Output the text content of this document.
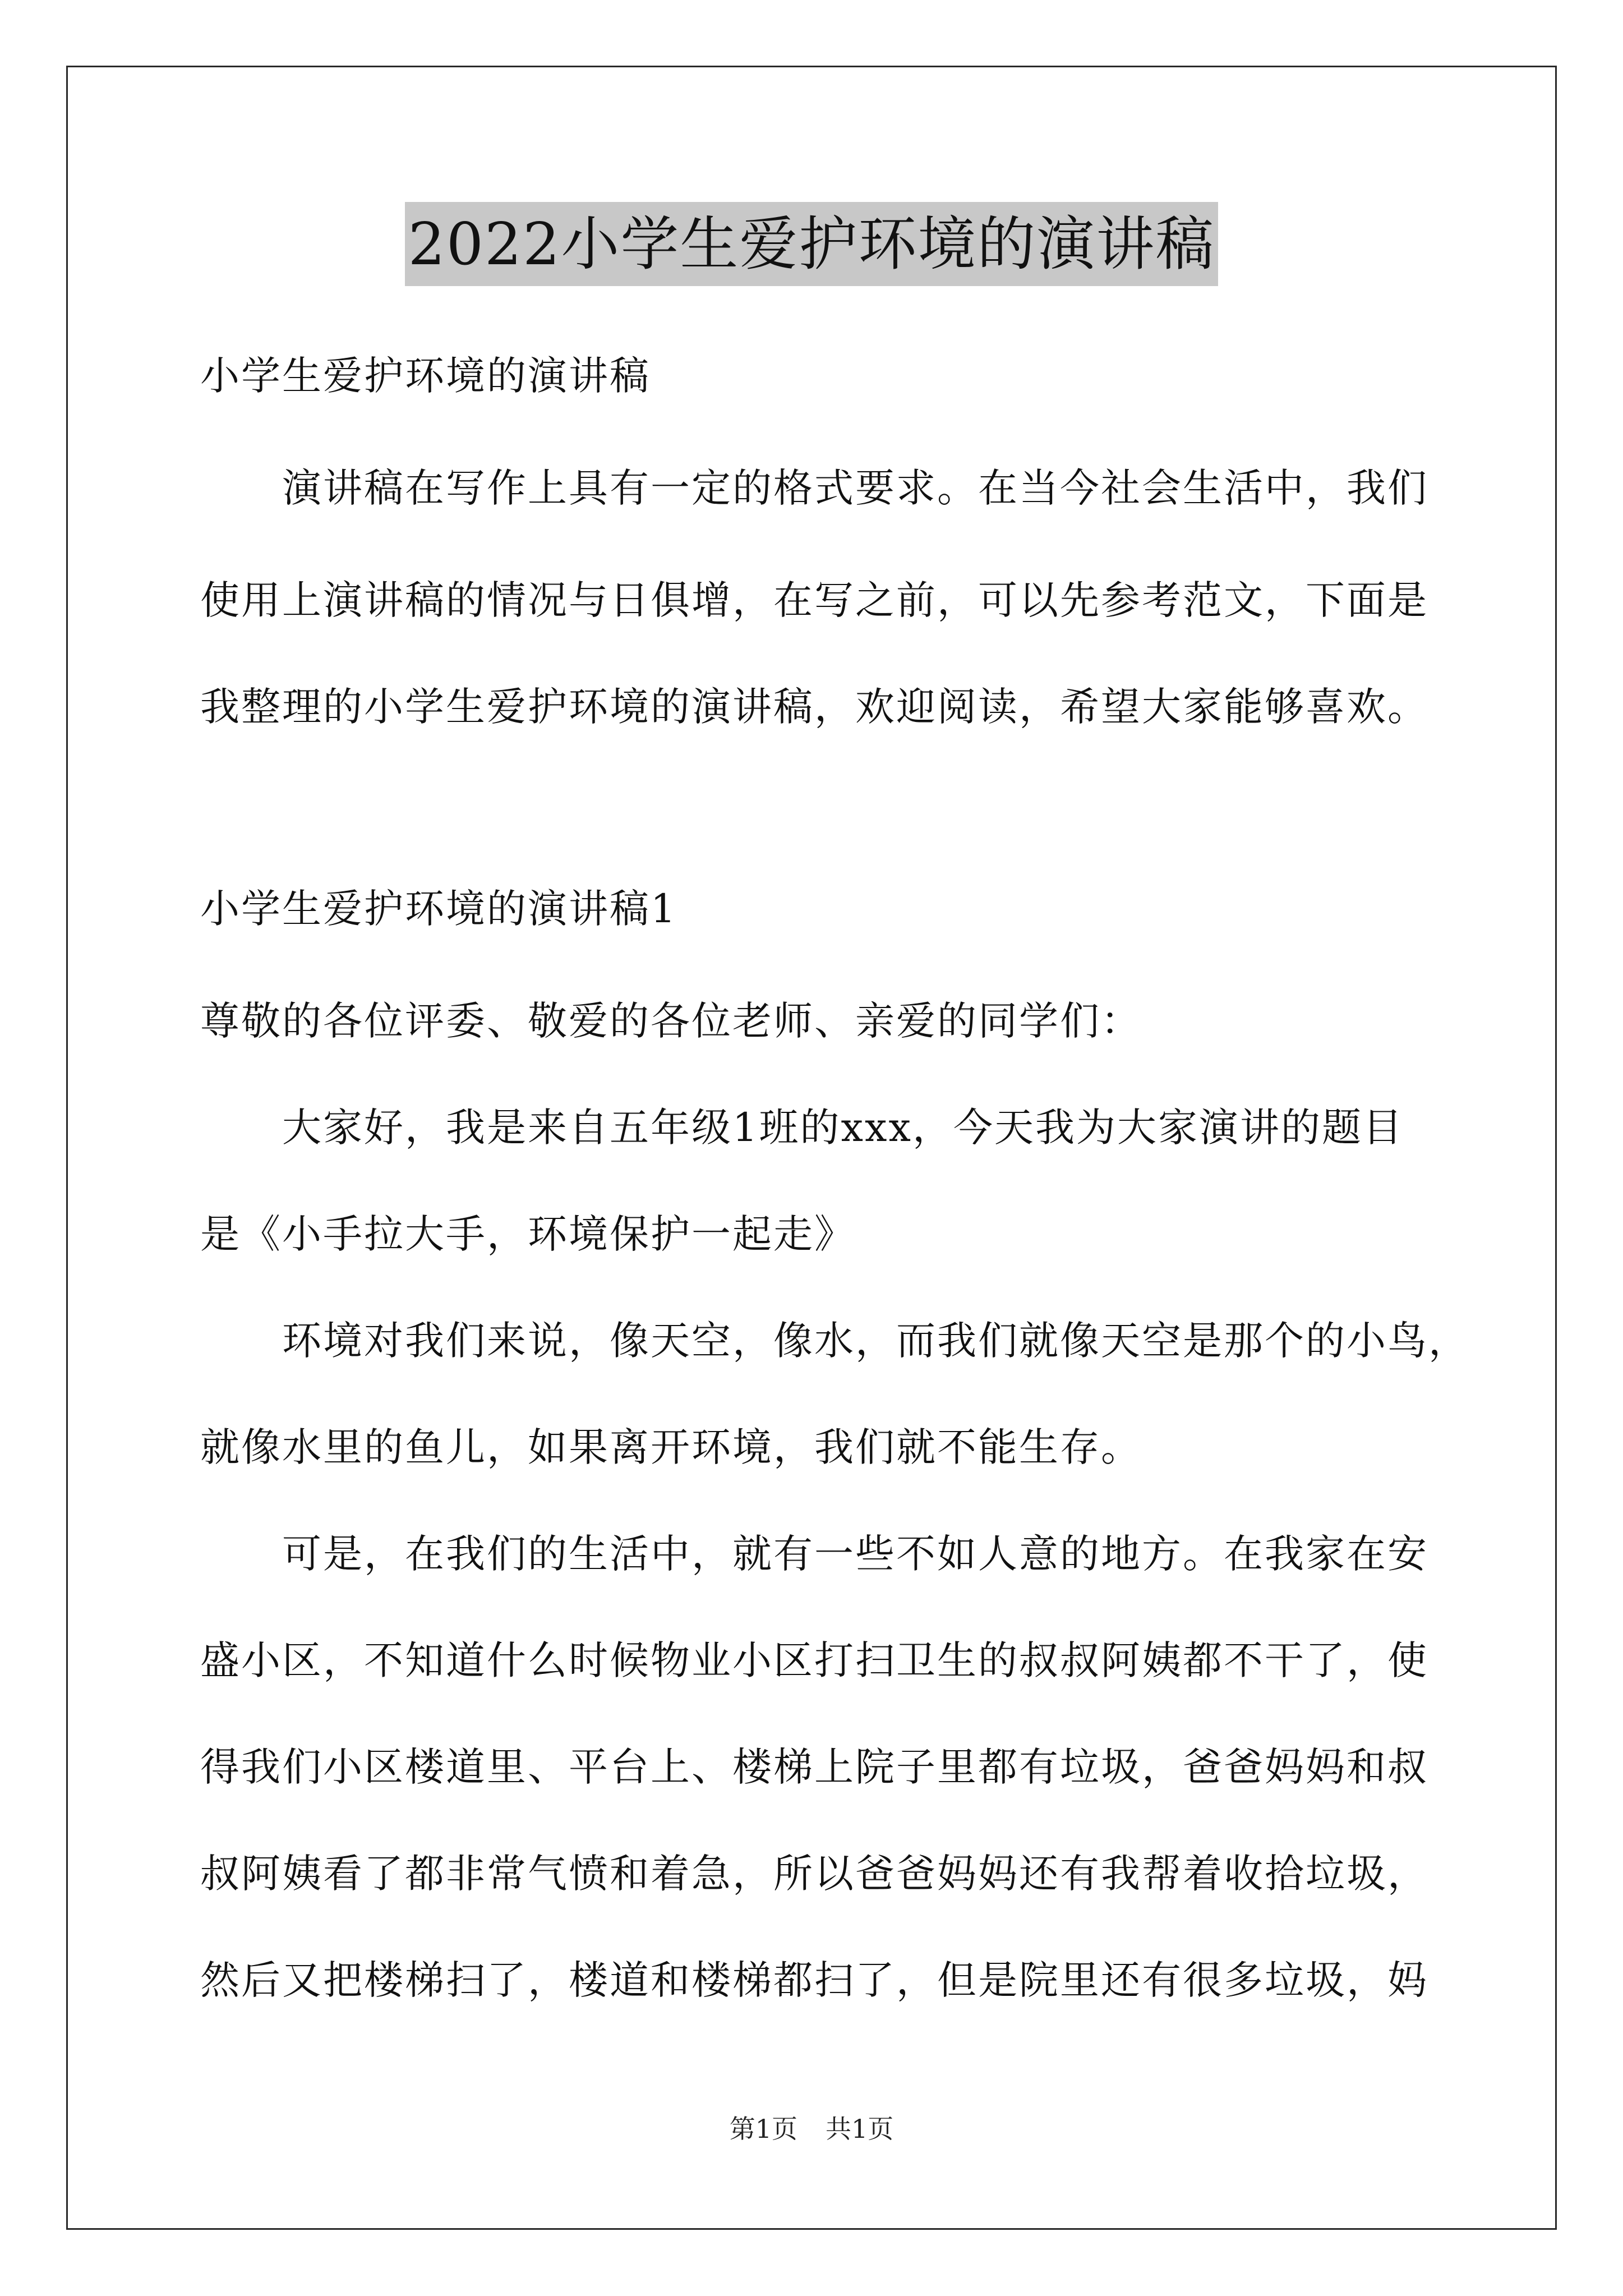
2022小学生爱护环境的演讲稿
小学生爱护环境的演讲稿
　　演讲稿在写作上具有一定的格式要求。在当今社会生活中，我们
使用上演讲稿的情况与日俱增，在写之前，可以先参考范文，下面是
我整理的小学生爱护环境的演讲稿，欢迎阅读，希望大家能够喜欢。
小学生爱护环境的演讲稿1
尊敬的各位评委、敬爱的各位老师、亲爱的同学们：
　　大家好，我是来自五年级1班的xxx，今天我为大家演讲的题目
是《小手拉大手，环境保护一起走》
　　环境对我们来说，像天空，像水，而我们就像天空是那个的小鸟，
就像水里的鱼儿，如果离开环境，我们就不能生存。
　　可是，在我们的生活中，就有一些不如人意的地方。在我家在安
盛小区，不知道什么时候物业小区打扫卫生的叔叔阿姨都不干了，使
得我们小区楼道里、平台上、楼梯上院子里都有垃圾，爸爸妈妈和叔
叔阿姨看了都非常气愤和着急，所以爸爸妈妈还有我帮着收拾垃圾，
然后又把楼梯扫了，楼道和楼梯都扫了，但是院里还有很多垃圾，妈
第1页 共1页
